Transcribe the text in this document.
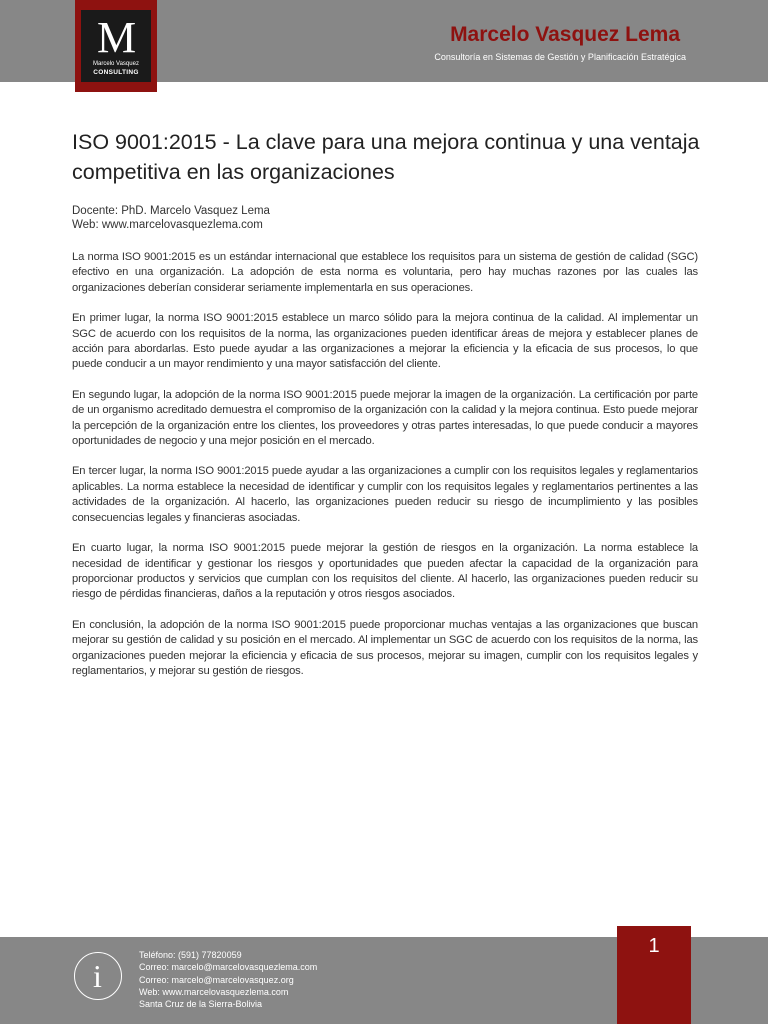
Marcelo Vasquez Lema
Consultoría en Sistemas de Gestión y Planificación Estratégica
M
Marcelo Vasquez
CONSULTING
ISO 9001:2015 - La clave para una mejora continua y una ventaja competitiva en las organizaciones
Docente: PhD. Marcelo Vasquez Lema
Web: www.marcelovasquezlema.com

La norma ISO 9001:2015 es un estándar internacional que establece los requisitos para un sistema de gestión de calidad (SGC) efectivo en una organización. La adopción de esta norma es voluntaria, pero hay muchas razones por las cuales las organizaciones deberían considerar seriamente implementarla en sus operaciones.

En primer lugar, la norma ISO 9001:2015 establece un marco sólido para la mejora continua de la calidad. Al implementar un SGC de acuerdo con los requisitos de la norma, las organizaciones pueden identificar áreas de mejora y establecer planes de acción para abordarlas. Esto puede ayudar a las organizaciones a mejorar la eficiencia y la eficacia de sus procesos, lo que puede conducir a un mayor rendimiento y una mayor satisfacción del cliente.

En segundo lugar, la adopción de la norma ISO 9001:2015 puede mejorar la imagen de la organización. La certificación por parte de un organismo acreditado demuestra el compromiso de la organización con la calidad y la mejora continua. Esto puede mejorar la percepción de la organización entre los clientes, los proveedores y otras partes interesadas, lo que puede conducir a mayores oportunidades de negocio y una mejor posición en el mercado.

En tercer lugar, la norma ISO 9001:2015 puede ayudar a las organizaciones a cumplir con los requisitos legales y reglamentarios aplicables. La norma establece la necesidad de identificar y cumplir con los requisitos legales y reglamentarios pertinentes a las actividades de la organización. Al hacerlo, las organizaciones pueden reducir su riesgo de incumplimiento y las posibles consecuencias legales y financieras asociadas.

En cuarto lugar, la norma ISO 9001:2015 puede mejorar la gestión de riesgos en la organización. La norma establece la necesidad de identificar y gestionar los riesgos y oportunidades que pueden afectar la capacidad de la organización para proporcionar productos y servicios que cumplan con los requisitos del cliente. Al hacerlo, las organizaciones pueden reducir su riesgo de pérdidas financieras, daños a la reputación y otros riesgos asociados.

En conclusión, la adopción de la norma ISO 9001:2015 puede proporcionar muchas ventajas a las organizaciones que buscan mejorar su gestión de calidad y su posición en el mercado. Al implementar un SGC de acuerdo con los requisitos de la norma, las organizaciones pueden mejorar la eficiencia y eficacia de sus procesos, mejorar su imagen, cumplir con los requisitos legales y reglamentarios, y mejorar su gestión de riesgos.

i
Teléfono: (591) 77820059
Correo: marcelo@marcelovasquezlema.com
Correo: marcelo@marcelovasquez.org
Web: www.marcelovasquezlema.com
Santa Cruz de la Sierra-Bolivia
1
